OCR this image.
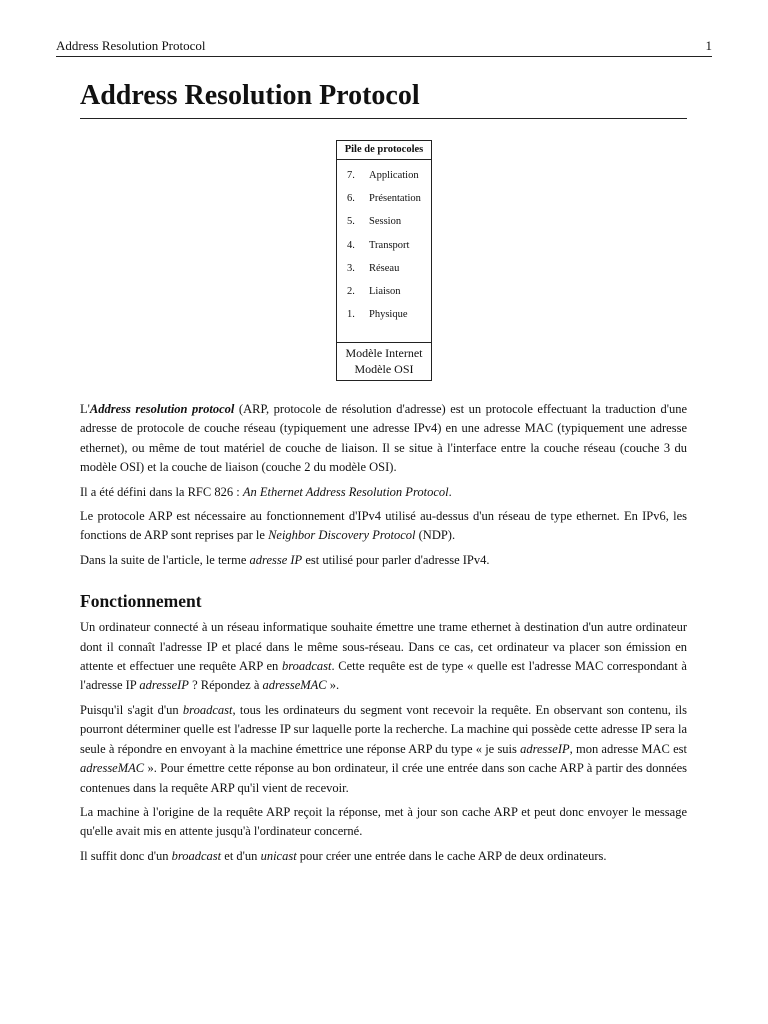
Address Resolution Protocol	1
Address Resolution Protocol
Pile de protocoles
7.	Application
6.	Présentation
5.	Session
4.	Transport
3.	Réseau
2.	Liaison
1.	Physique
Modèle Internet
Modèle OSI

L'Address resolution protocol (ARP, protocole de résolution d'adresse) est un protocole effectuant la traduction d'une adresse de protocole de couche réseau (typiquement une adresse IPv4) en une adresse MAC (typiquement une adresse ethernet), ou même de tout matériel de couche de liaison. Il se situe à l'interface entre la couche réseau (couche 3 du modèle OSI) et la couche de liaison (couche 2 du modèle OSI).

Il a été défini dans la RFC 826 : An Ethernet Address Resolution Protocol.

Le protocole ARP est nécessaire au fonctionnement d'IPv4 utilisé au-dessus d'un réseau de type ethernet. En IPv6, les fonctions de ARP sont reprises par le Neighbor Discovery Protocol (NDP).

Dans la suite de l'article, le terme adresse IP est utilisé pour parler d'adresse IPv4.

Fonctionnement

Un ordinateur connecté à un réseau informatique souhaite émettre une trame ethernet à destination d'un autre ordinateur dont il connaît l'adresse IP et placé dans le même sous-réseau. Dans ce cas, cet ordinateur va placer son émission en attente et effectuer une requête ARP en broadcast. Cette requête est de type « quelle est l'adresse MAC correspondant à l'adresse IP adresseIP ? Répondez à adresseMAC ».

Puisqu'il s'agit d'un broadcast, tous les ordinateurs du segment vont recevoir la requête. En observant son contenu, ils pourront déterminer quelle est l'adresse IP sur laquelle porte la recherche. La machine qui possède cette adresse IP sera la seule à répondre en envoyant à la machine émettrice une réponse ARP du type « je suis adresseIP, mon adresse MAC est adresseMAC ». Pour émettre cette réponse au bon ordinateur, il crée une entrée dans son cache ARP à partir des données contenues dans la requête ARP qu'il vient de recevoir.

La machine à l'origine de la requête ARP reçoit la réponse, met à jour son cache ARP et peut donc envoyer le message qu'elle avait mis en attente jusqu'à l'ordinateur concerné.

Il suffit donc d'un broadcast et d'un unicast pour créer une entrée dans le cache ARP de deux ordinateurs.
